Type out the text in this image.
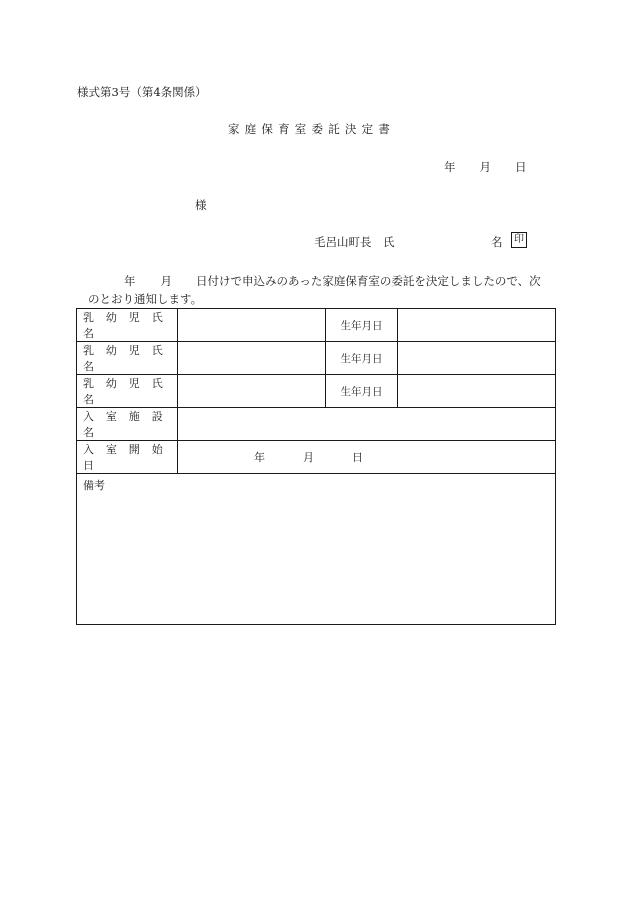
様式第3号（第4条関係）
家庭保育室委託決定書
年 月 日
様
毛呂山町長　氏	名	印
年 月 日付けで申込みのあった家庭保育室の委託を決定しましたので、次
のとおり通知します。
乳 幼 児 氏 名		生年月日	
乳 幼 児 氏 名		生年月日	
乳 幼 児 氏 名		生年月日	
入 室 施 設 名			
入 室 開 始 日	年 月 日		

備考			
